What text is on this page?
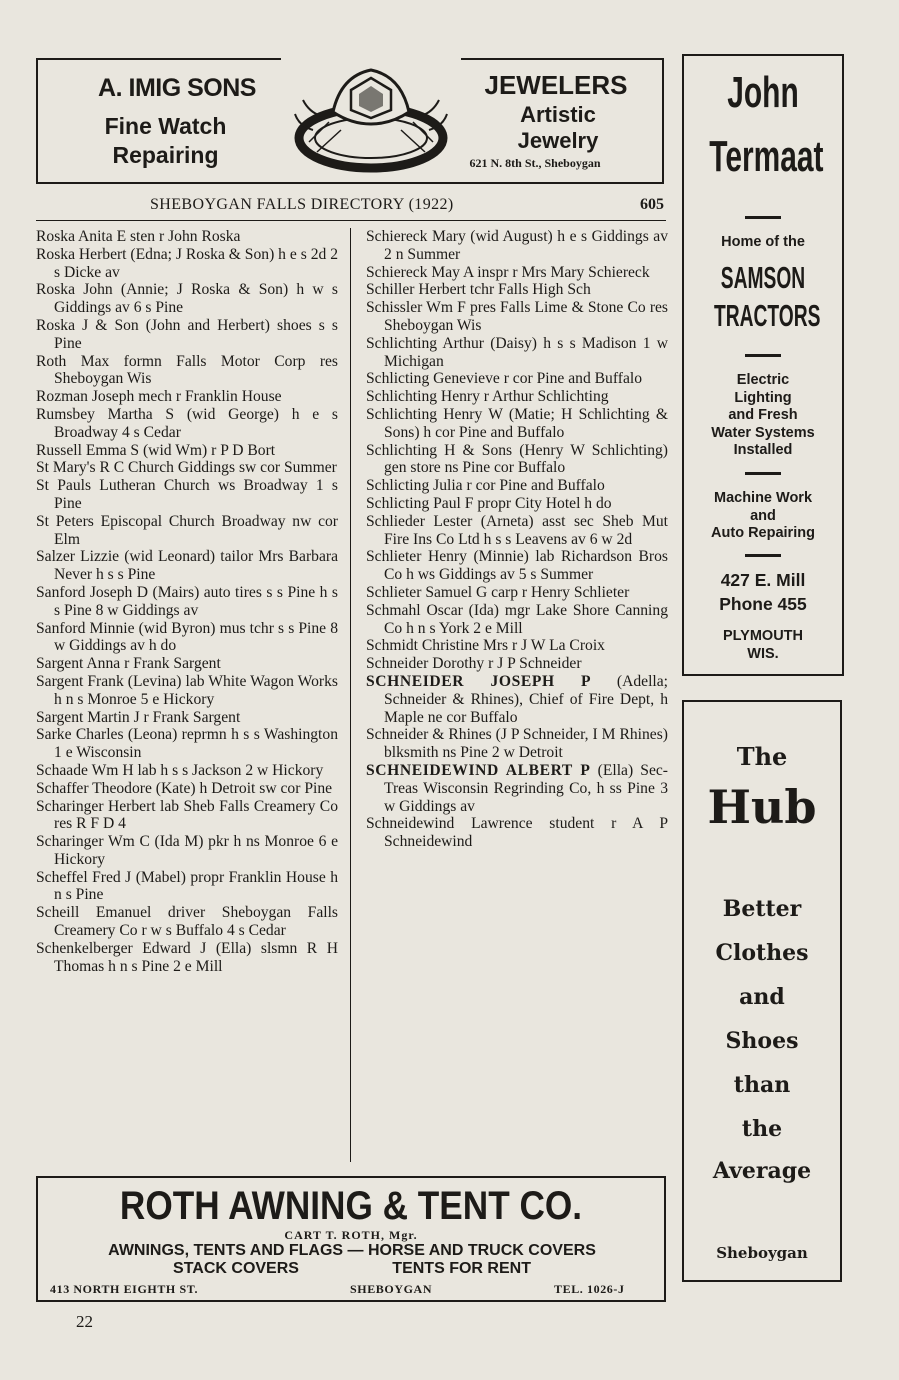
A. IMIG SONS
Fine Watch
Repairing
JEWELERS
Artistic
Jewelry
621 N. 8th St., Sheboygan
SHEBOYGAN FALLS DIRECTORY (1922)	605
Roska Anita E sten r John Roska
Roska Herbert (Edna; J Roska & Son) h e s 2d 2 s Dicke av
Roska John (Annie; J Roska & Son) h w s Giddings av 6 s Pine
Roska J & Son (John and Herbert) shoes s s Pine
Roth Max formn Falls Motor Corp res Sheboygan Wis
Rozman Joseph mech r Franklin House
Rumsbey Martha S (wid George) h e s Broadway 4 s Cedar
Russell Emma S (wid Wm) r P D Bort
St Mary's R C Church Giddings sw cor Summer
St Pauls Lutheran Church ws Broadway 1 s Pine
St Peters Episcopal Church Broadway nw cor Elm
Salzer Lizzie (wid Leonard) tailor Mrs Barbara Never h s s Pine
Sanford Joseph D (Mairs) auto tires s s Pine h s s Pine 8 w Giddings av
Sanford Minnie (wid Byron) mus tchr s s Pine 8 w Giddings av h do
Sargent Anna r Frank Sargent
Sargent Frank (Levina) lab White Wagon Works h n s Monroe 5 e Hickory
Sargent Martin J r Frank Sargent
Sarke Charles (Leona) reprmn h s s Washington 1 e Wisconsin
Schaade Wm H lab h s s Jackson 2 w Hickory
Schaffer Theodore (Kate) h Detroit sw cor Pine
Scharinger Herbert lab Sheb Falls Creamery Co res R F D 4
Scharinger Wm C (Ida M) pkr h ns Monroe 6 e Hickory
Scheffel Fred J (Mabel) propr Franklin House h n s Pine
Scheill Emanuel driver Sheboygan Falls Creamery Co r w s Buffalo 4 s Cedar
Schenkelberger Edward J (Ella) slsmn R H Thomas h n s Pine 2 e Mill
Schiereck Mary (wid August) h e s Giddings av 2 n Summer
Schiereck May A inspr r Mrs Mary Schiereck
Schiller Herbert tchr Falls High Sch
Schissler Wm F pres Falls Lime & Stone Co res Sheboygan Wis
Schlichting Arthur (Daisy) h s s Madison 1 w Michigan
Schlicting Genevieve r cor Pine and Buffalo
Schlichting Henry r Arthur Schlichting
Schlichting Henry W (Matie; H Schlichting & Sons) h cor Pine and Buffalo
Schlichting H & Sons (Henry W Schlichting) gen store ns Pine cor Buffalo
Schlicting Julia r cor Pine and Buffalo
Schlicting Paul F propr City Hotel h do
Schlieder Lester (Arneta) asst sec Sheb Mut Fire Ins Co Ltd h s s Leavens av 6 w 2d
Schlieter Henry (Minnie) lab Richardson Bros Co h ws Giddings av 5 s Summer
Schlieter Samuel G carp r Henry Schlieter
Schmahl Oscar (Ida) mgr Lake Shore Canning Co h n s York 2 e Mill
Schmidt Christine Mrs r J W La Croix
Schneider Dorothy r J P Schneider
SCHNEIDER JOSEPH P (Adella; Schneider & Rhines), Chief of Fire Dept, h Maple ne cor Buffalo
Schneider & Rhines (J P Schneider, I M Rhines) blksmith ns Pine 2 w Detroit
SCHNEIDEWIND ALBERT P (Ella) Sec-Treas Wisconsin Regrinding Co, h ss Pine 3 w Giddings av
Schneidewind Lawrence student r A P Schneidewind
ROTH AWNING & TENT CO.
CART T. ROTH, Mgr.
AWNINGS, TENTS AND FLAGS — HORSE AND TRUCK COVERS
STACK COVERS                     TENTS FOR RENT
413 NORTH EIGHTH ST.	SHEBOYGAN	TEL. 1026-J
22
John
Termaat
Home of the
SAMSON
TRACTORS
Electric
Lighting
and Fresh
Water Systems
Installed
Machine Work
and
Auto Repairing
427 E. Mill
Phone 455
PLYMOUTH
WIS.
The
Hub
Better
Clothes
and
Shoes
than
the
Average
Sheboygan
